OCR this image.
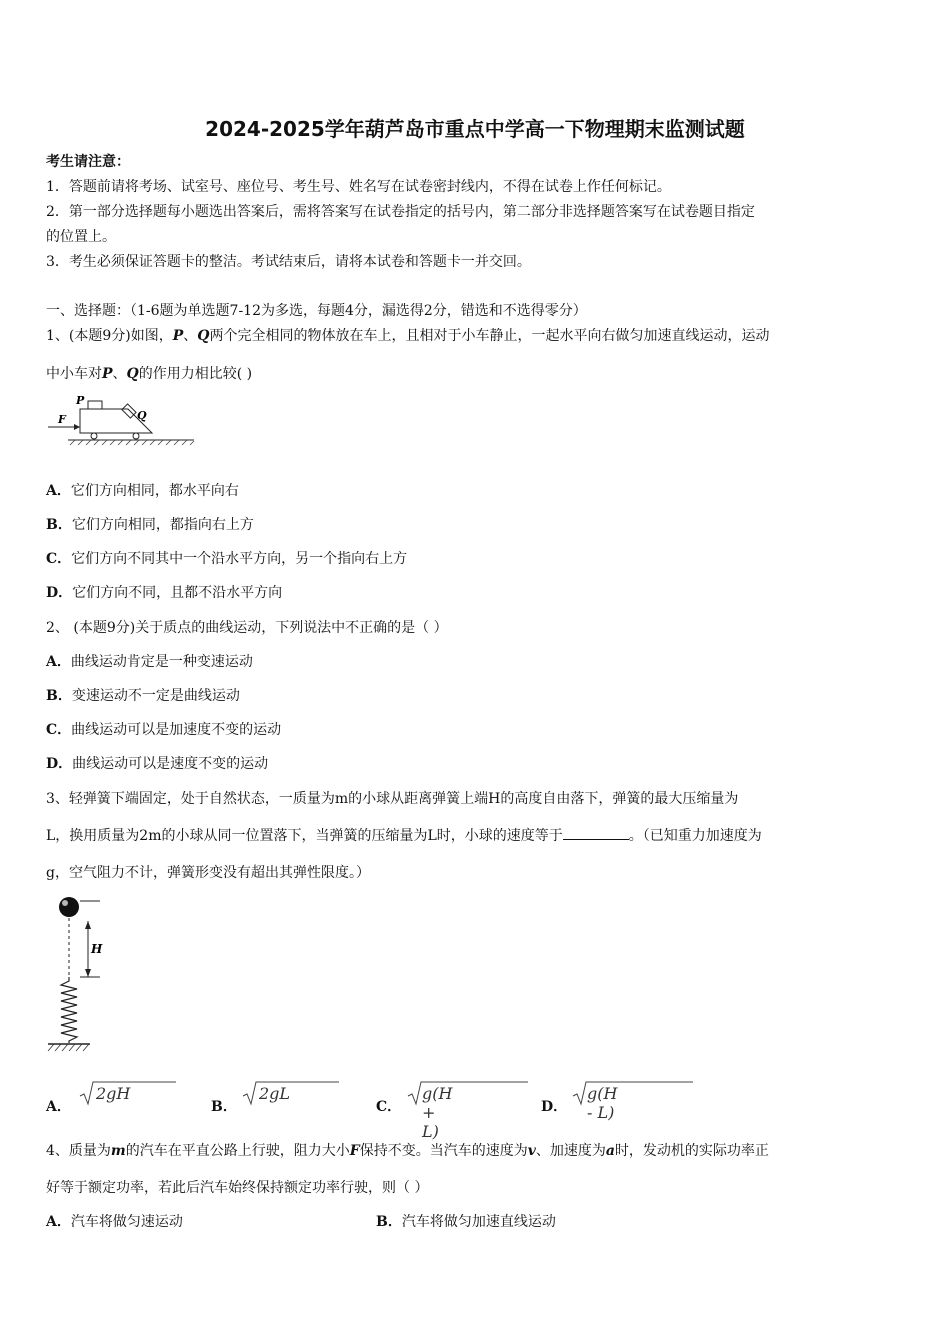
2024-2025学年葫芦岛市重点中学高一下物理期末监测试题
考生请注意：
1．答题前请将考场、试室号、座位号、考生号、姓名写在试卷密封线内，不得在试卷上作任何标记。
2．第一部分选择题每小题选出答案后，需将答案写在试卷指定的括号内，第二部分非选择题答案写在试卷题目指定
的位置上。
3．考生必须保证答题卡的整洁。考试结束后，请将本试卷和答题卡一并交回。
一、选择题：（1-6题为单选题7-12为多选，每题4分，漏选得2分，错选和不选得零分）
1、(本题9分)如图，P、Q两个完全相同的物体放在车上，且相对于小车静止，一起水平向右做匀加速直线运动，运动
中小车对P、Q的作用力相比较( )
F
P
Q
A．它们方向相同，都水平向右
B．它们方向相同，都指向右上方
C．它们方向不同其中一个沿水平方向，另一个指向右上方
D．它们方向不同，且都不沿水平方向
2、 (本题9分)关于质点的曲线运动，下列说法中不正确的是（ ）
A．曲线运动肯定是一种变速运动
B．变速运动不一定是曲线运动
C．曲线运动可以是加速度不变的运动
D．曲线运动可以是速度不变的运动
3、轻弹簧下端固定，处于自然状态，一质量为m的小球从距离弹簧上端H的高度自由落下，弹簧的最大压缩量为
L，换用质量为2m的小球从同一位置落下，当弹簧的压缩量为L时，小球的速度等于	。（已知重力加速度为
g，空气阻力不计，弹簧形变没有超出其弹性限度。）
H
A．
2gH
B．
2gL
C．
g(H + L)
D．
g(H - L)
4、质量为m的汽车在平直公路上行驶，阻力大小F保持不变。当汽车的速度为v、加速度为a时，发动机的实际功率正
好等于额定功率，若此后汽车始终保持额定功率行驶，则（ ）
A．汽车将做匀速运动	B．汽车将做匀加速直线运动
